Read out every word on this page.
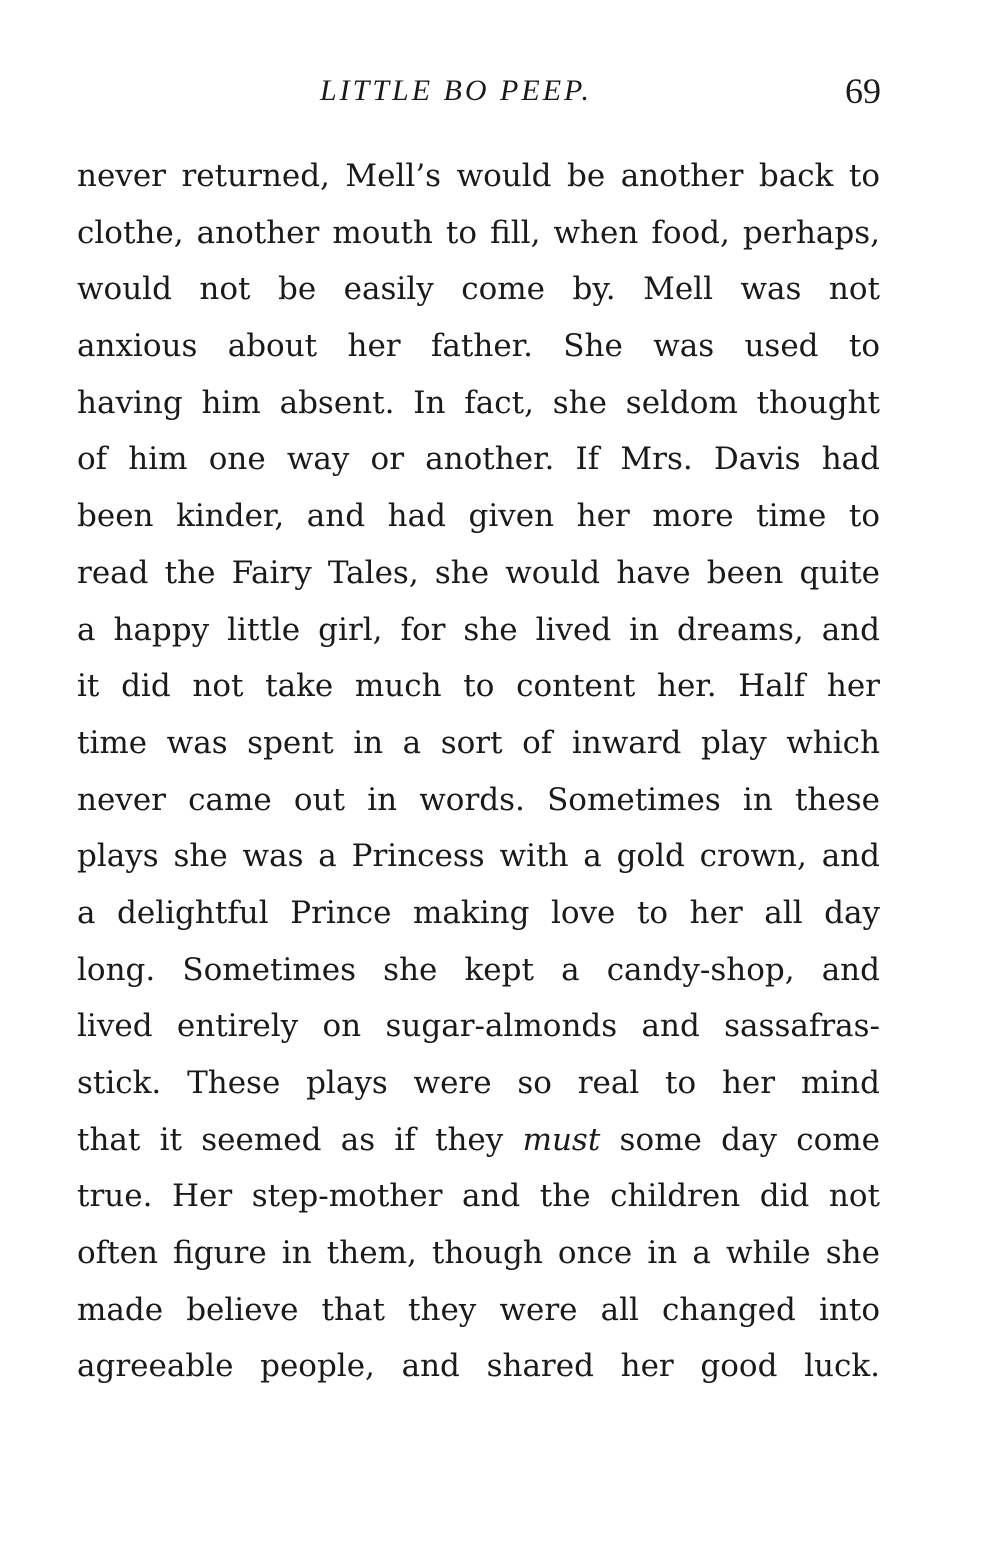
LITTLE BO PEEP.	69
never returned, Mell’s would be another back to
clothe, another mouth to fill, when food, perhaps,
would not be easily come by. Mell was not
anxious about her father. She was used to
having him absent. In fact, she seldom thought
of him one way or another. If Mrs. Davis had
been kinder, and had given her more time to
read the Fairy Tales, she would have been quite
a happy little girl, for she lived in dreams, and
it did not take much to content her. Half her
time was spent in a sort of inward play which
never came out in words. Sometimes in these
plays she was a Princess with a gold crown, and
a delightful Prince making love to her all day
long. Sometimes she kept a candy-shop, and
lived entirely on sugar-almonds and sassafras-
stick. These plays were so real to her mind
that it seemed as if they must some day come
true. Her step-mother and the children did not
often figure in them, though once in a while she
made believe that they were all changed into
agreeable people, and shared her good luck.
